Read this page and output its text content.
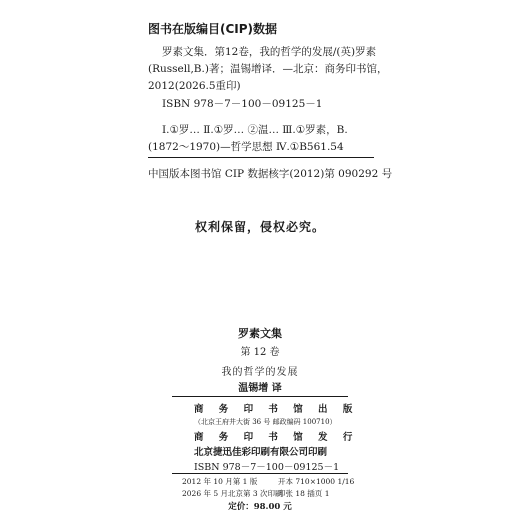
图书在版编目(CIP)数据
罗素文集．第12卷，我的哲学的发展/(英)罗素
(Russell,B.)著；温锡增译．—北京：商务印书馆，
2012(2026.5重印)
ISBN 978－7－100－09125－1
Ⅰ.①罗… Ⅱ.①罗… ②温… Ⅲ.①罗素，B.
(1872～1970)—哲学思想 Ⅳ.①B561.54
中国版本图书馆 CIP 数据核字(2012)第 090292 号
权利保留，侵权必究。
罗素文集
第 12 卷
我的哲学的发展
温锡增 译
商 务 印 书 馆 出 版
（北京王府井大街 36 号 邮政编码 100710）
商 务 印 书 馆 发 行
北京捷迅佳彩印刷有限公司印刷
ISBN 978－7－100－09125－1
2012 年 10 月第 1 版	开本 710×1000 1/16
2026 年 5 月北京第 3 次印刷
印张 18 插页 1
定价：98.00 元
